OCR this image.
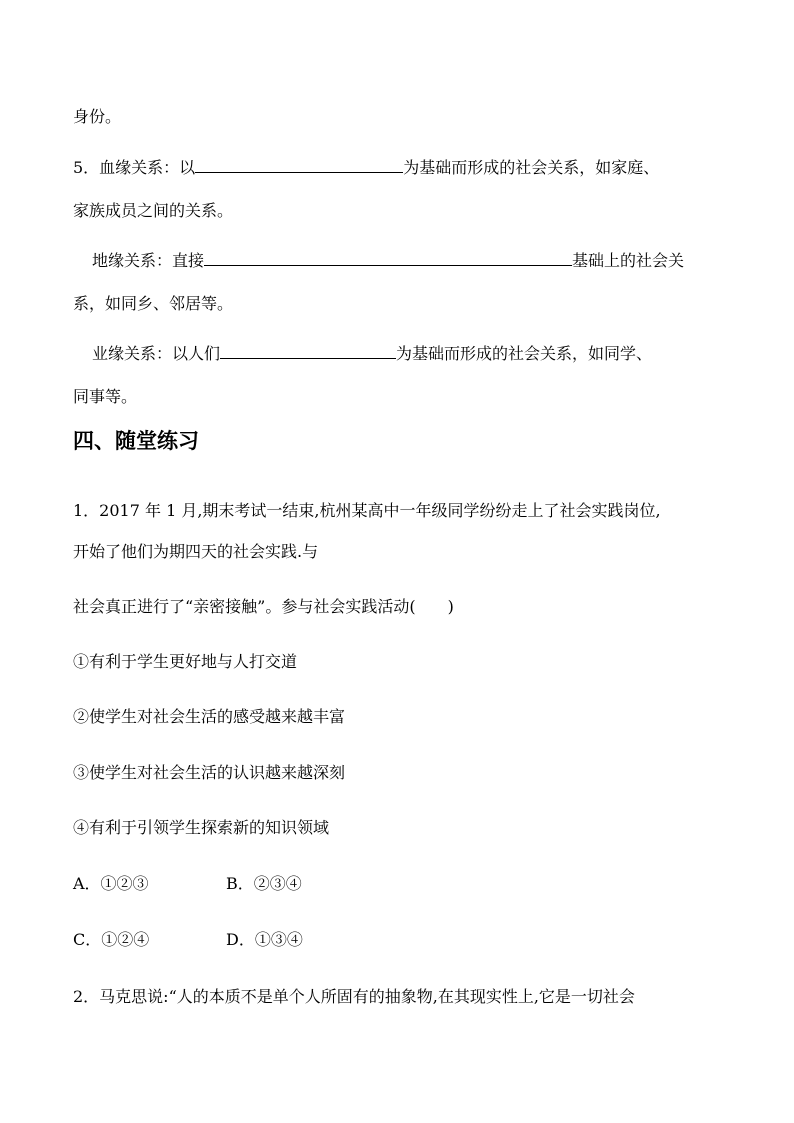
身份。
5．血缘关系：以	为基础而形成的社会关系，如家庭、
家族成员之间的关系。
地缘关系：直接	基础上的社会关
系，如同乡、邻居等。
业缘关系：以人们	为基础而形成的社会关系，如同学、
同事等。
四、随堂练习
1．2017 年 1 月,期末考试一结束,杭州某高中一年级同学纷纷走上了社会实践岗位,
开始了他们为期四天的社会实践.与
社会真正进行了“亲密接触”。参与社会实践活动(　　)
①有利于学生更好地与人打交道
②使学生对社会生活的感受越来越丰富
③使学生对社会生活的认识越来越深刻
④有利于引领学生探索新的知识领域
A．①②③	B．②③④
C．①②④	D．①③④
2．马克思说:“人的本质不是单个人所固有的抽象物,在其现实性上,它是一切社会
